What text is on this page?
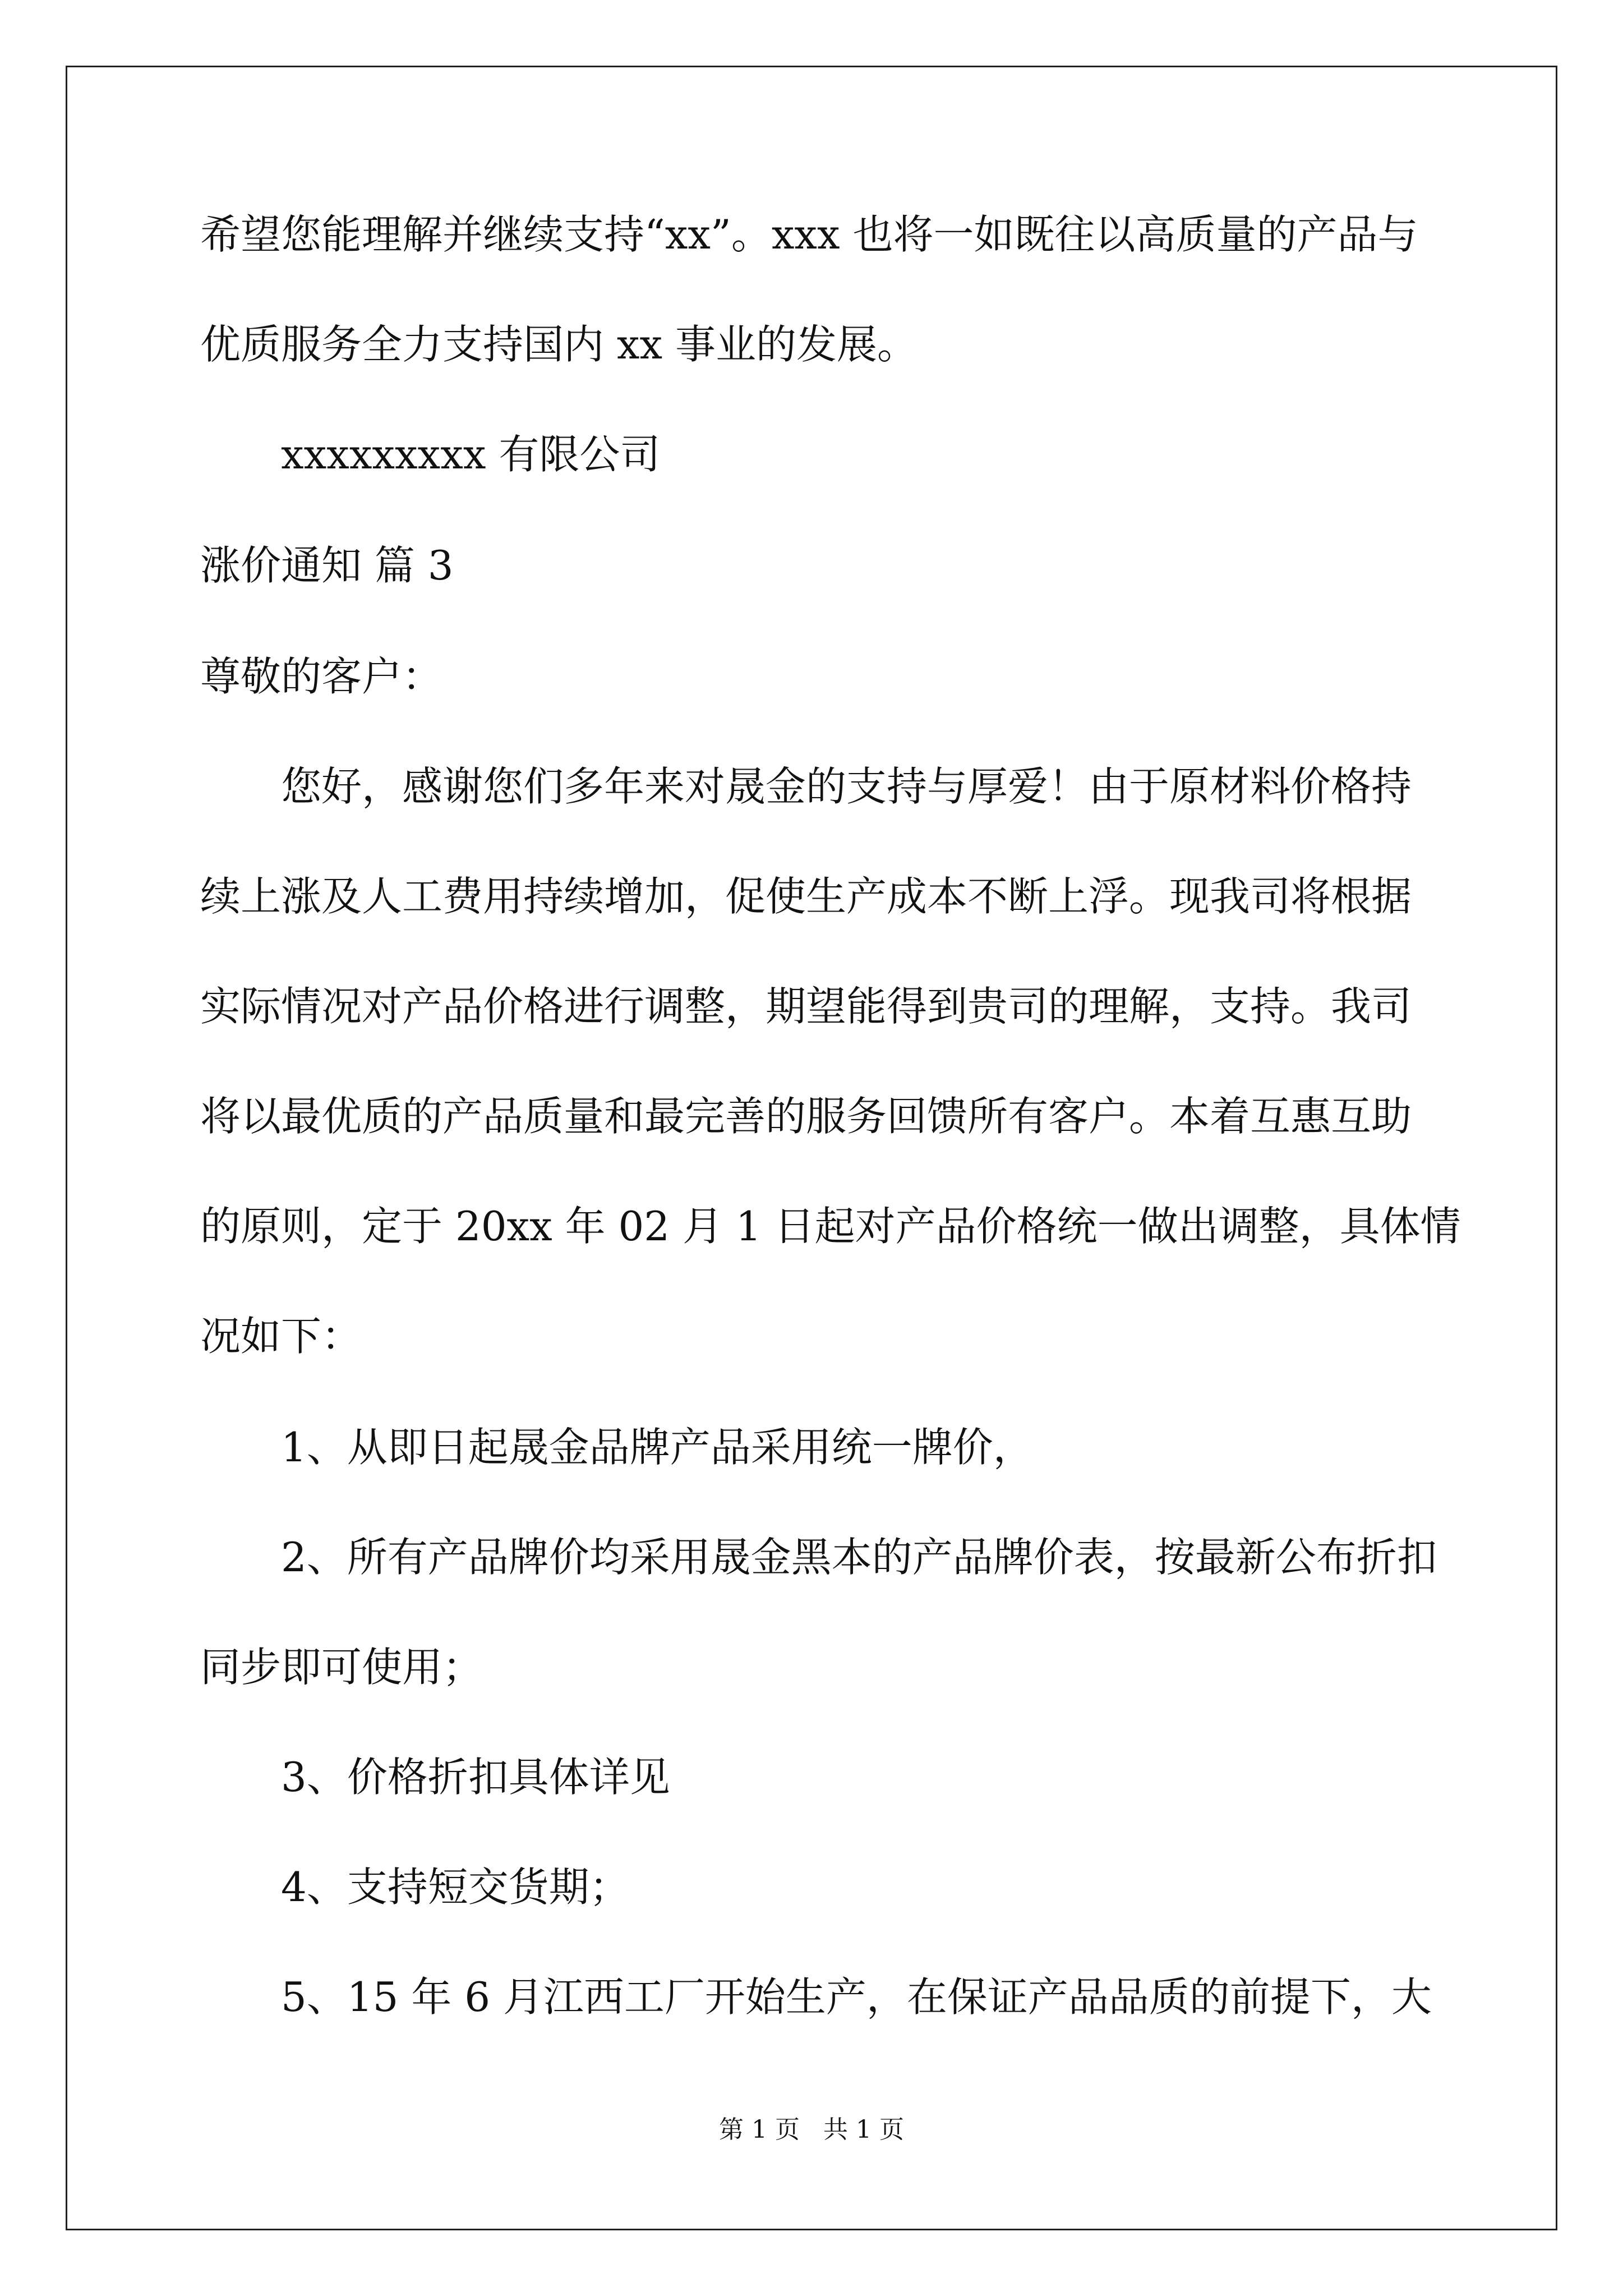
希望您能理解并继续支持“xx”。xxx 也将一如既往以高质量的产品与
优质服务全力支持国内 xx 事业的发展。
xxxxxxxxx 有限公司
涨价通知 篇 3
尊敬的客户：
您好，感谢您们多年来对晟金的支持与厚爱！由于原材料价格持
续上涨及人工费用持续增加，促使生产成本不断上浮。现我司将根据
实际情况对产品价格进行调整，期望能得到贵司的理解，支持。我司
将以最优质的产品质量和最完善的服务回馈所有客户。本着互惠互助
的原则，定于 20xx 年 02 月 1 日起对产品价格统一做出调整，具体情
况如下：
1、从即日起晟金品牌产品采用统一牌价，
2、所有产品牌价均采用晟金黑本的产品牌价表，按最新公布折扣
同步即可使用；
3、价格折扣具体详见
4、支持短交货期；
5、15 年 6 月江西工厂开始生产，在保证产品品质的前提下，大
第 1 页   共 1 页
